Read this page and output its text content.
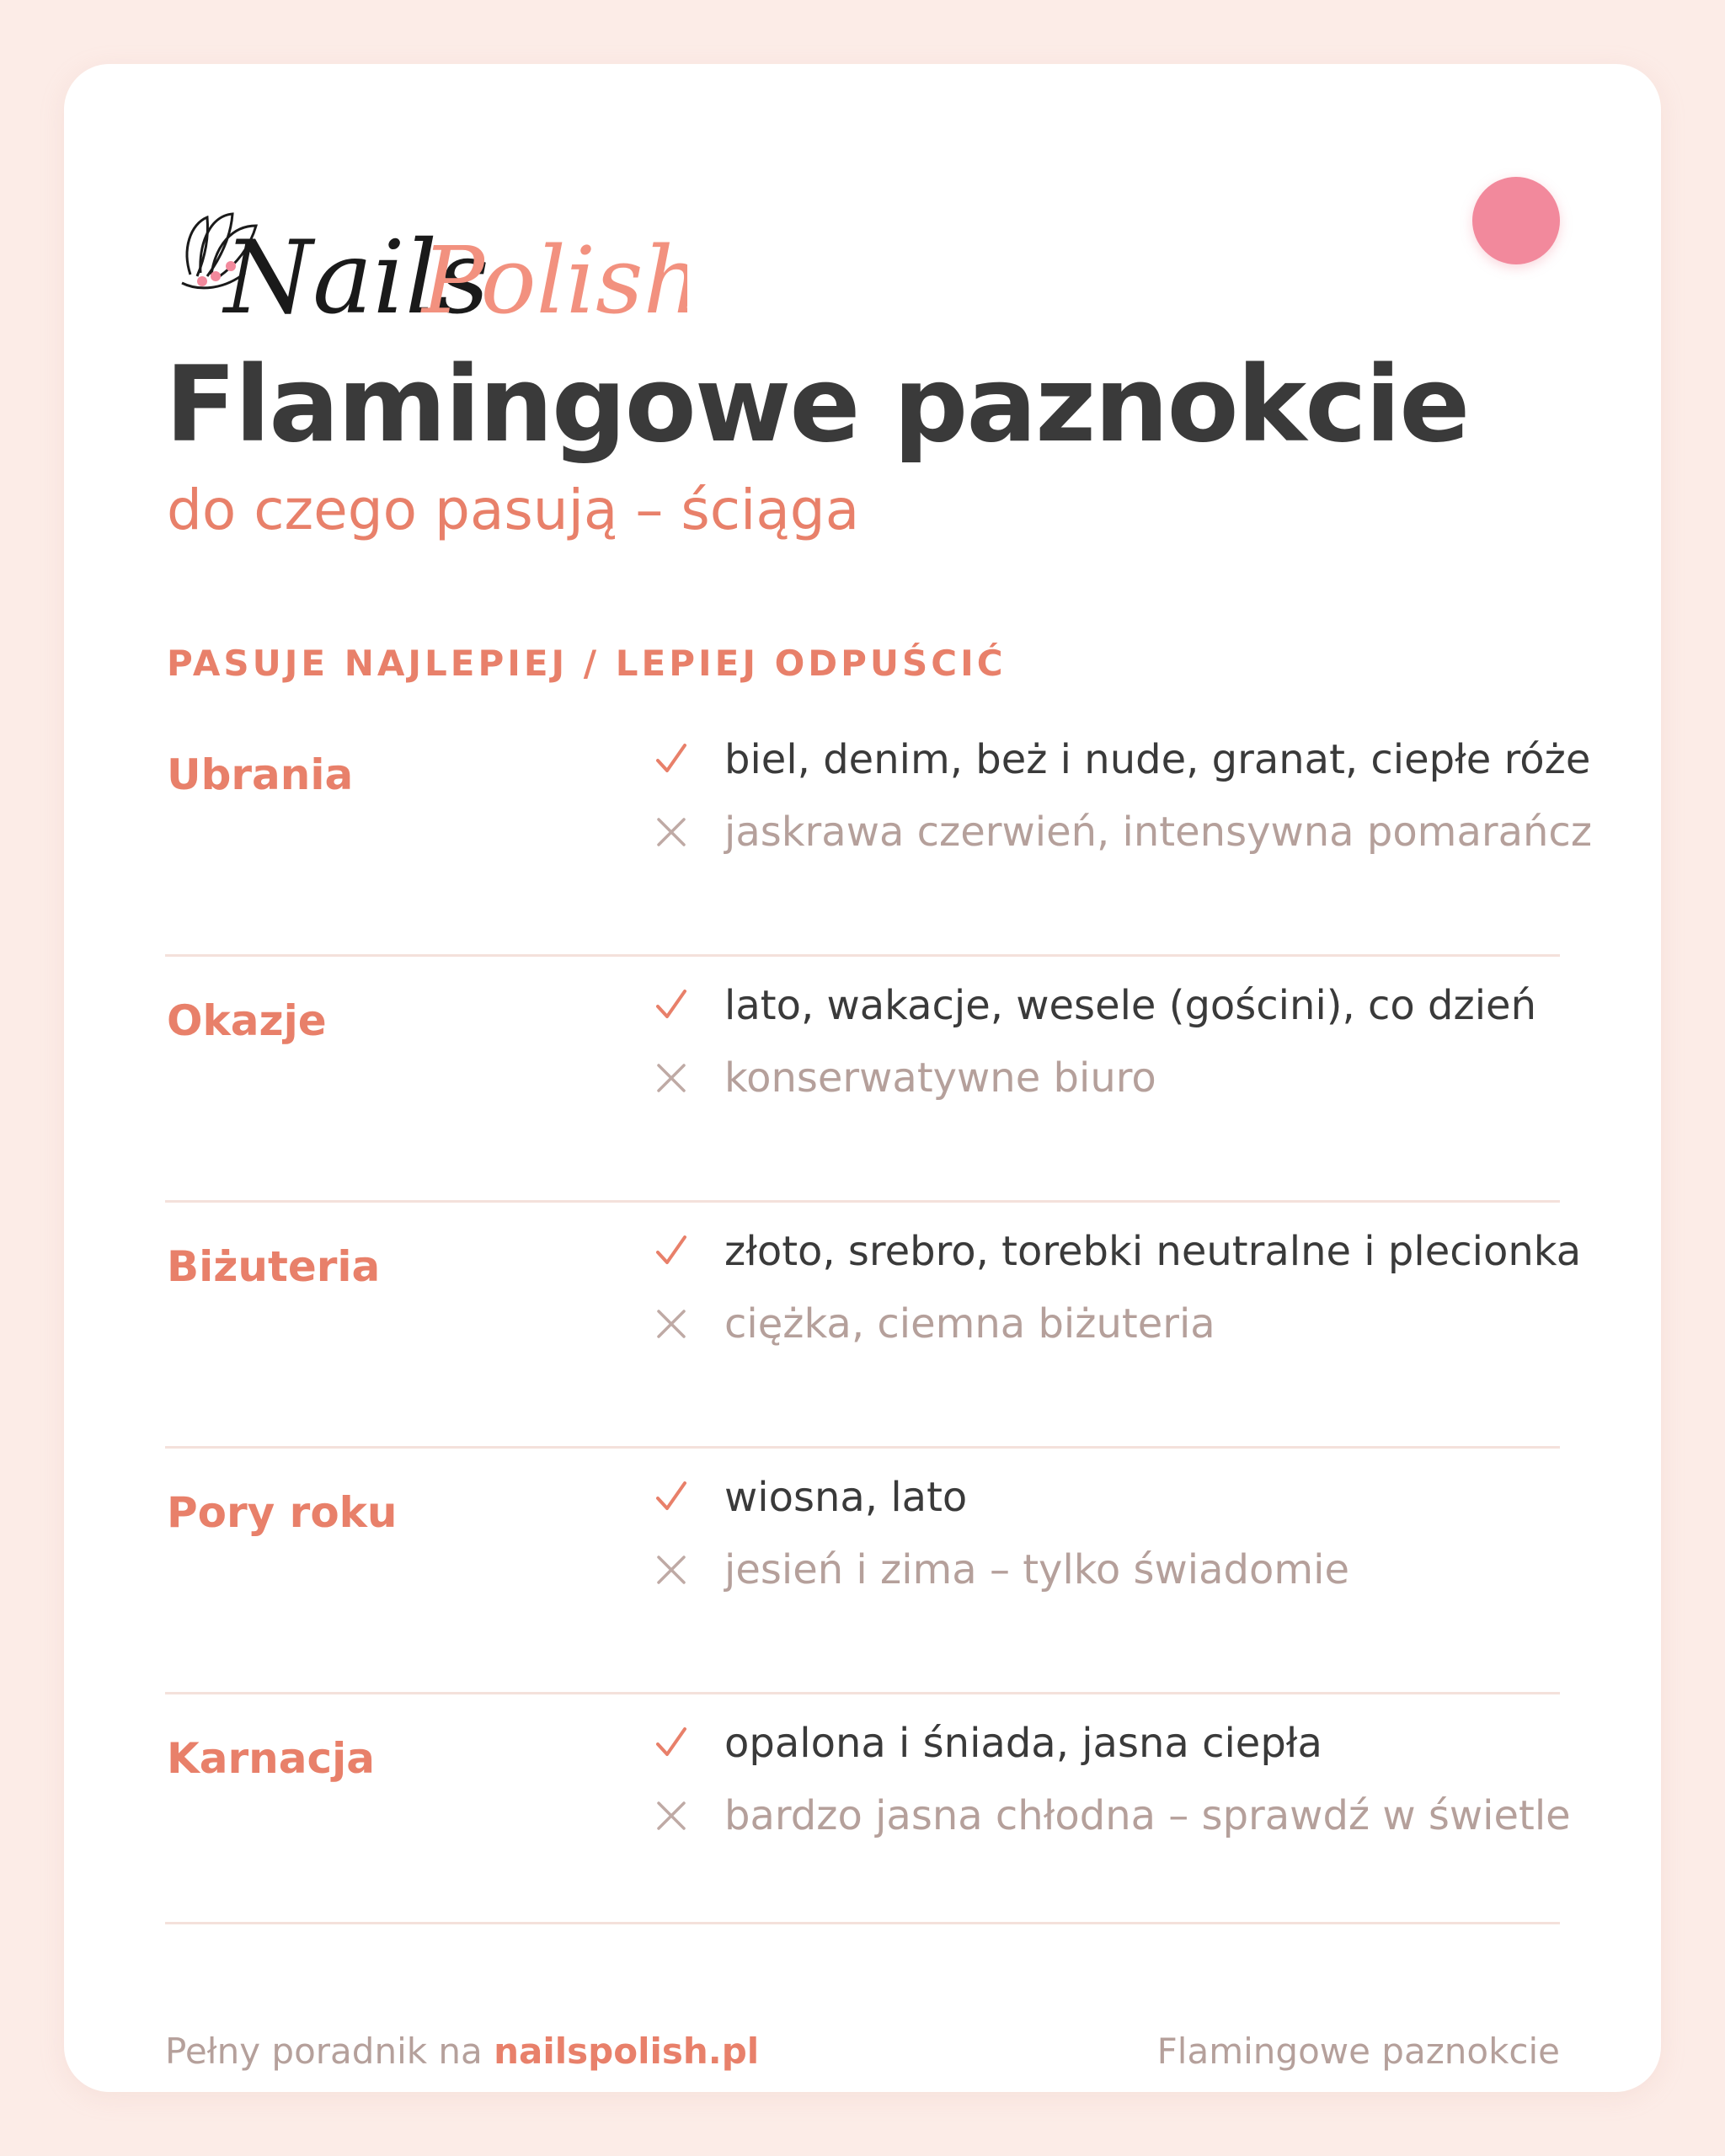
Nails
Polish
Flamingowe paznokcie
do czego pasują – ściąga
PASUJE NAJLEPIEJ / LEPIEJ ODPUŚCIĆ
Ubrania	biel, denim, beż i nude, granat, ciepłe róże
jaskrawa czerwień, intensywna pomarańcz
Okazje	lato, wakacje, wesele (gościni), co dzień
konserwatywne biuro
Biżuteria	złoto, srebro, torebki neutralne i plecionka
ciężka, ciemna biżuteria
Pory roku	wiosna, lato
jesień i zima – tylko świadomie
Karnacja	opalona i śniada, jasna ciepła
bardzo jasna chłodna – sprawdź w świetle
Pełny poradnik na nailspolish.pl	Flamingowe paznokcie
